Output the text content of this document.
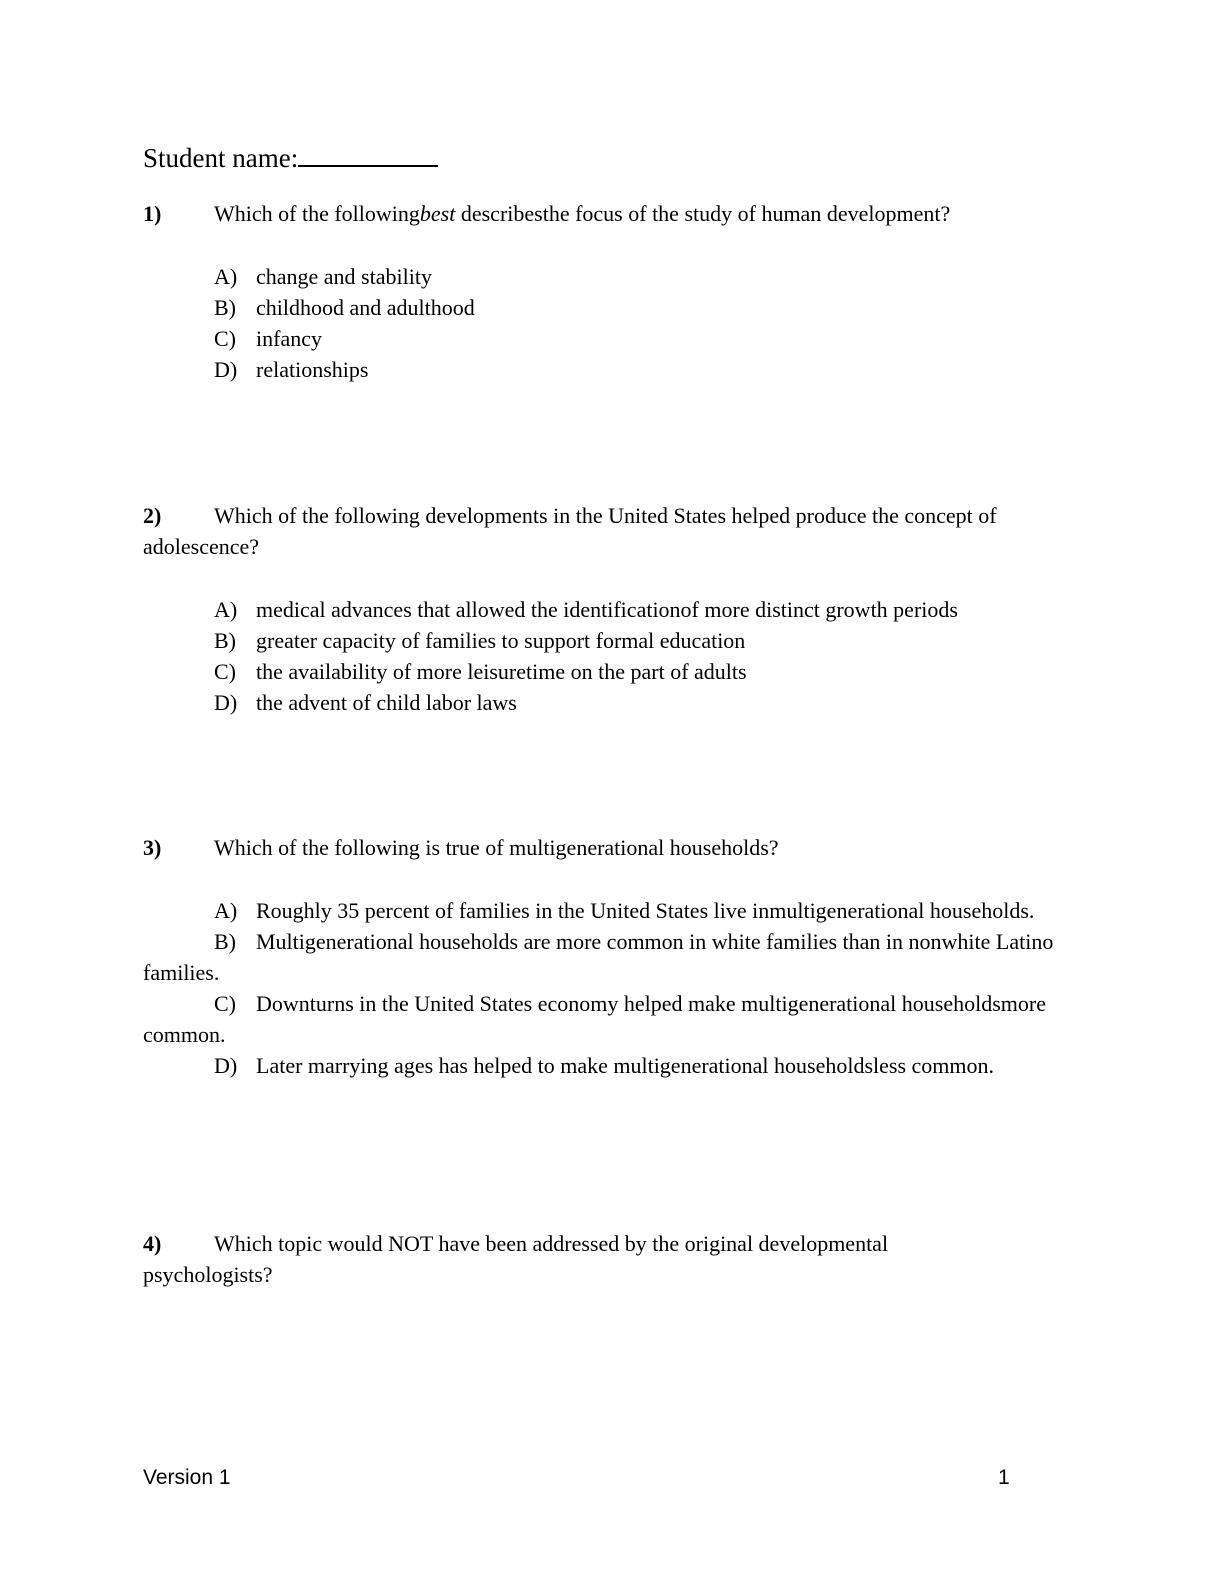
Student name:
1) Which of the followingbest describesthe focus of the study of human development?
A) change and stability
B) childhood and adulthood
C) infancy
D) relationships
2) Which of the following developments in the United States helped produce the concept of
adolescence?
A) medical advances that allowed the identificationof more distinct growth periods
B) greater capacity of families to support formal education
C) the availability of more leisuretime on the part of adults
D) the advent of child labor laws
3) Which of the following is true of multigenerational households?
A) Roughly 35 percent of families in the United States live inmultigenerational households.
B) Multigenerational households are more common in white families than in nonwhite Latino families.
C) Downturns in the United States economy helped make multigenerational householdsmore common.
D) Later marrying ages has helped to make multigenerational householdsless common.
4) Which topic would NOT have been addressed by the original developmental
psychologists?
Version 1	1
